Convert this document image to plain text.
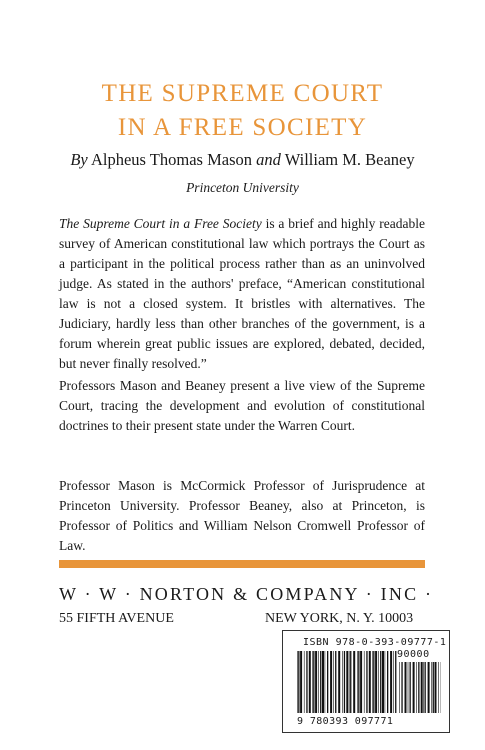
THE SUPREME COURT
IN A FREE SOCIETY
By Alpheus Thomas Mason and William M. Beaney
Princeton University

The Supreme Court in a Free Society is a brief and highly readable survey of American constitutional law which portrays the Court as a participant in the political process rather than as an uninvolved judge. As stated in the authors' preface, “American constitutional law is not a closed system. It bristles with alternatives. The Judiciary, hardly less than other branches of the government, is a forum wherein great public issues are explored, debated, decided, but never finally resolved.”

Professors Mason and Beaney present a live view of the Supreme Court, tracing the development and evolution of constitutional doctrines to their present state under the Warren Court.

Professor Mason is McCormick Professor of Jurisprudence at Princeton University. Professor Beaney, also at Princeton, is Professor of Politics and William Nelson Cromwell Professor of Law.

W · W · NORTON & COMPANY · INC ·
55 FIFTH AVENUE	NEW YORK, N. Y. 10003
ISBN 978-0-393-09777-1
90000
9 780393 097771
